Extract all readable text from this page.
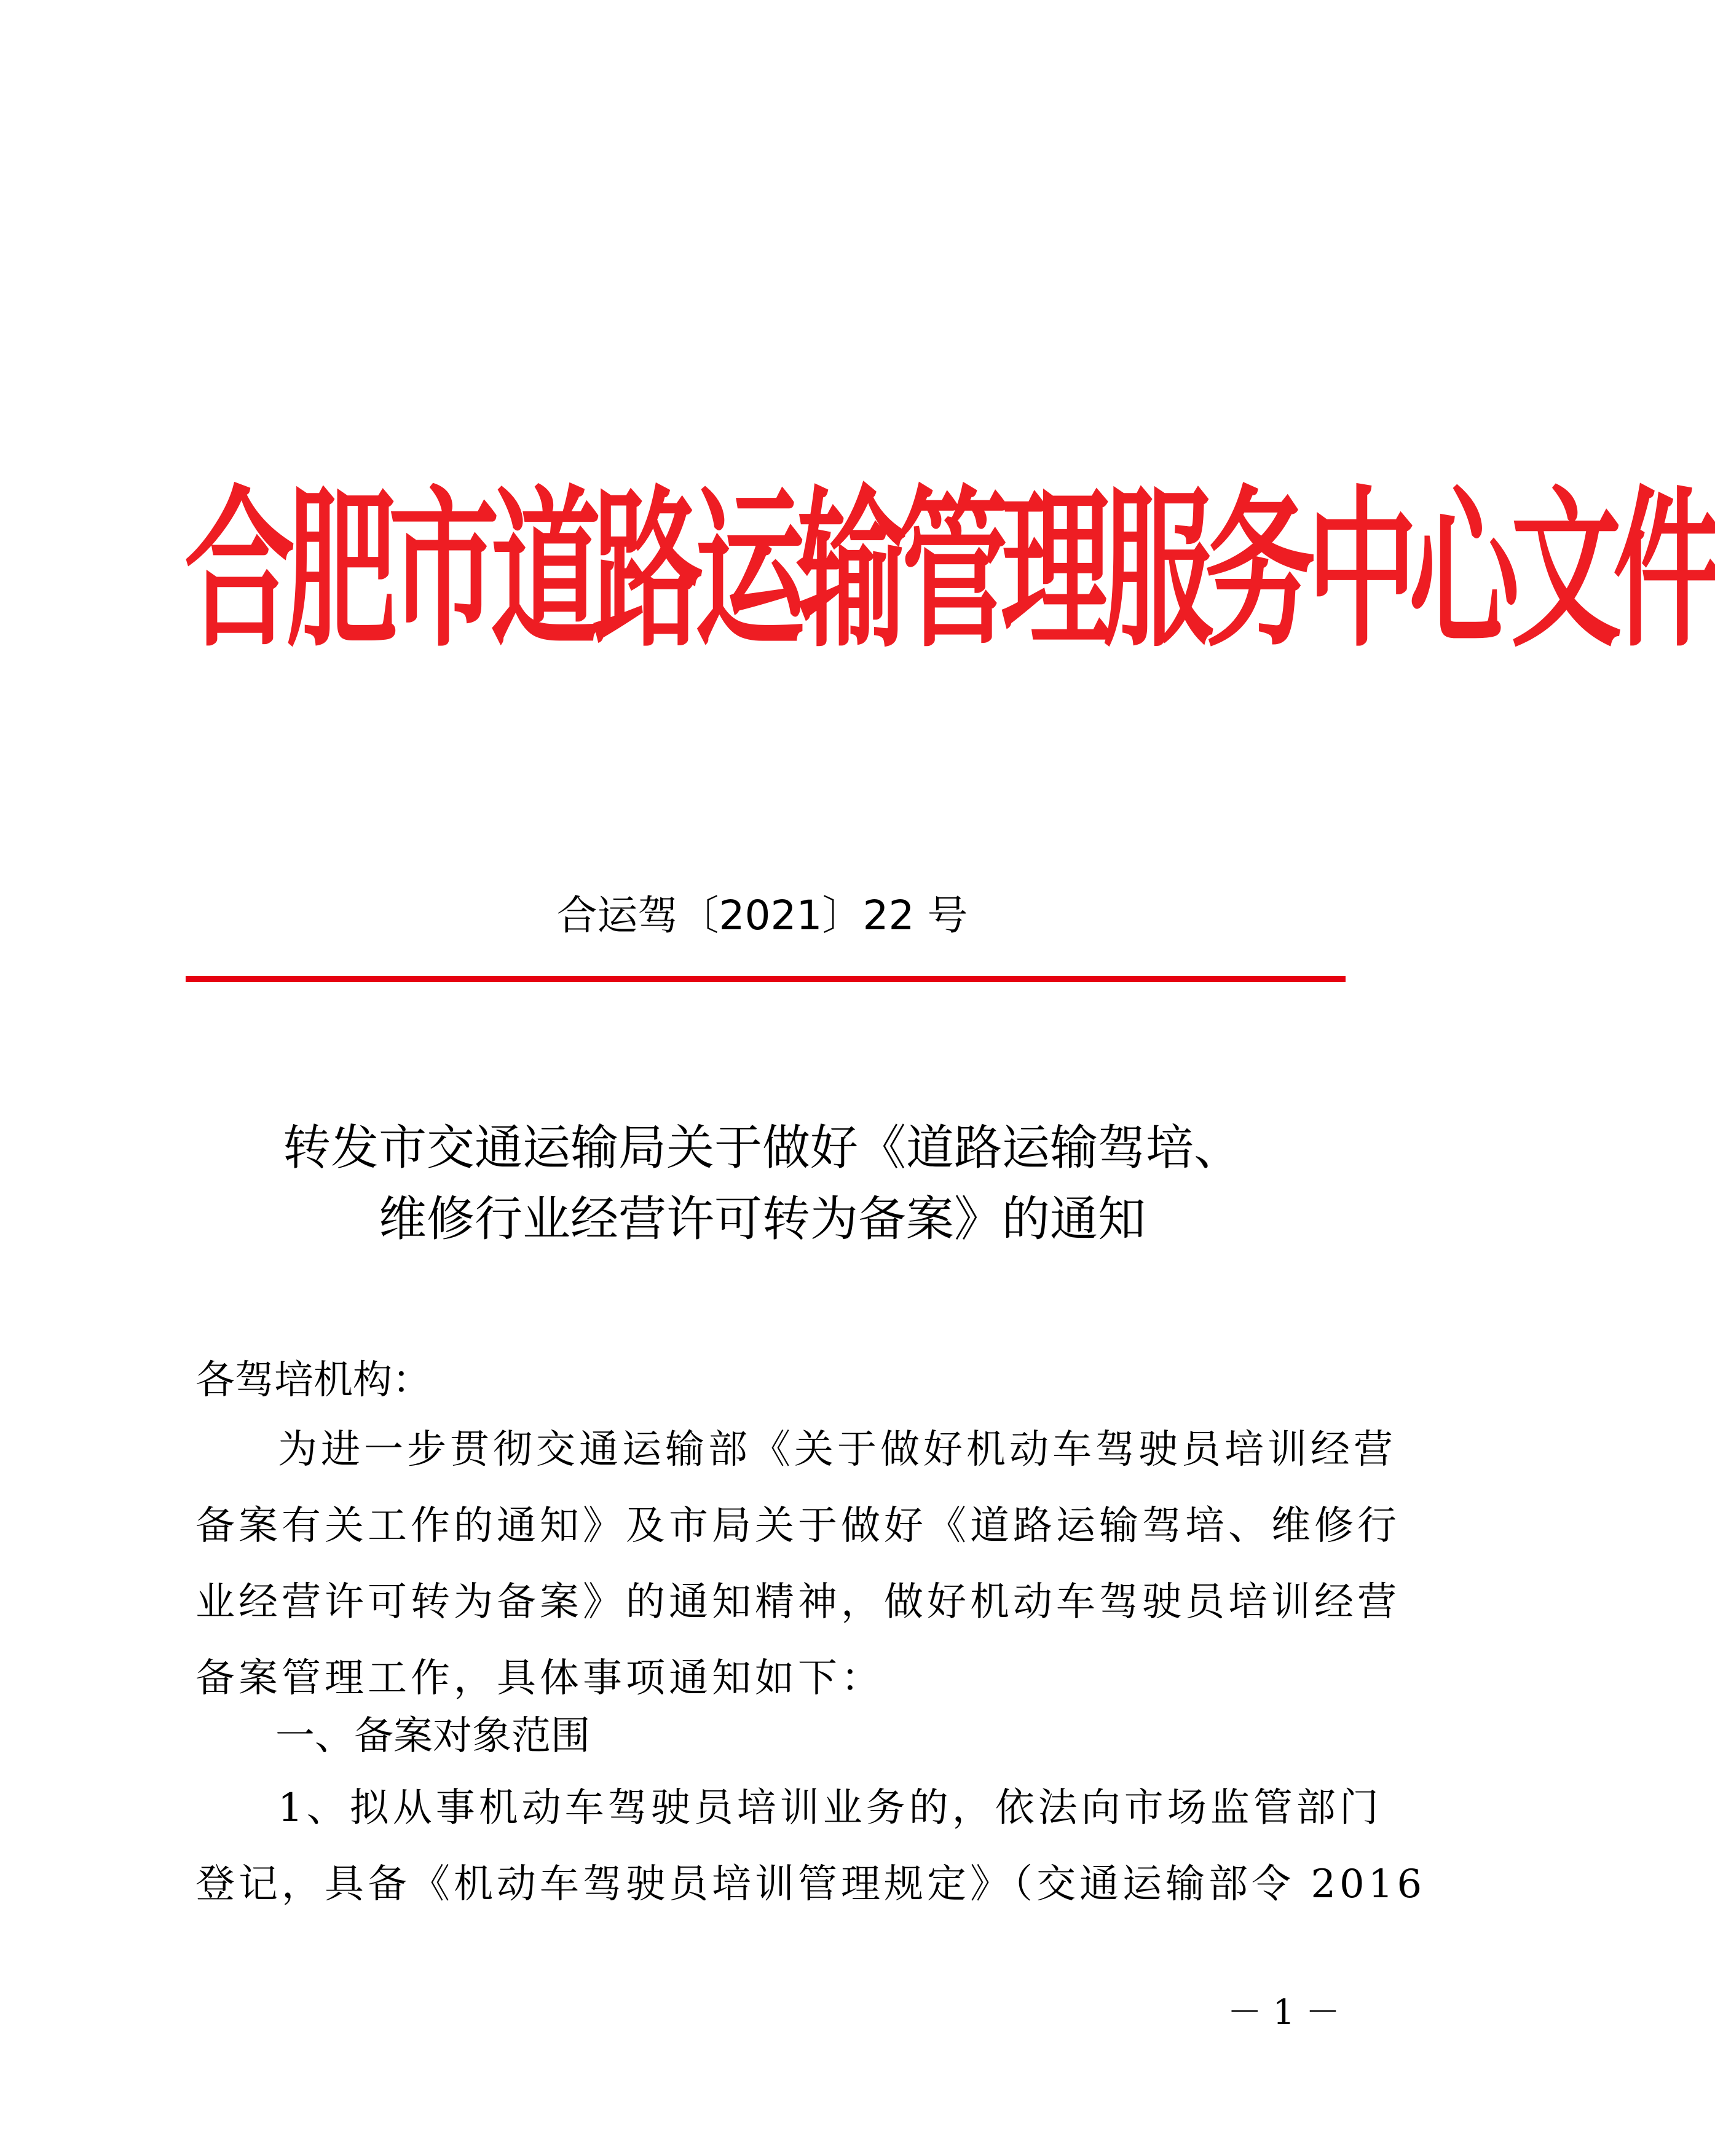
合肥市道路运输管理服务中心文件
合运驾〔2021〕22 号
转发市交通运输局关于做好《道路运输驾培、
维修行业经营许可转为备案》的通知
各驾培机构：
为进一步贯彻交通运输部《关于做好机动车驾驶员培训经营
备案有关工作的通知》及市局关于做好《道路运输驾培、维修行
业经营许可转为备案》的通知精神，做好机动车驾驶员培训经营
备案管理工作，具体事项通知如下：
一、备案对象范围
1、拟从事机动车驾驶员培训业务的，依法向市场监管部门
登记，具备《机动车驾驶员培训管理规定》（交通运输部令 2016
－ 1 －
